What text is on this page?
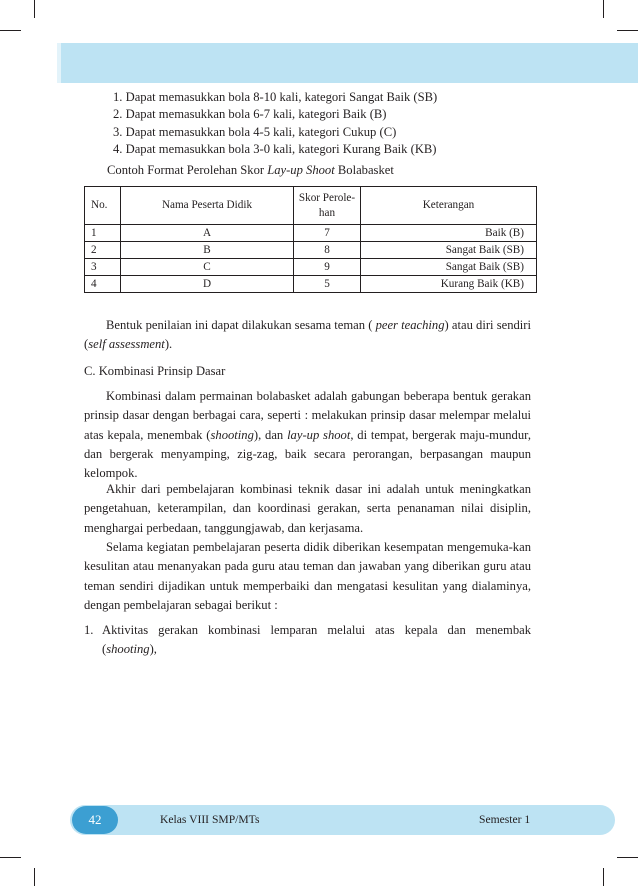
1. Dapat memasukkan bola 8-10 kali, kategori Sangat Baik (SB)
2. Dapat memasukkan bola 6-7 kali, kategori Baik (B)
3. Dapat memasukkan bola 4-5 kali, kategori Cukup (C)
4. Dapat memasukkan bola 3-0 kali, kategori Kurang Baik (KB)
Contoh Format Perolehan Skor Lay-up Shoot Bolabasket
No.	Nama Peserta Didik	Skor Perole-han	Keterangan
1	A	7	Baik (B)
2	B	8	Sangat Baik (SB)
3	C	9	Sangat Baik (SB)
4	D	5	Kurang Baik (KB)

Bentuk penilaian ini dapat dilakukan sesama teman ( peer teaching) atau diri sendiri (self assessment).

C. Kombinasi Prinsip Dasar

Kombinasi dalam permainan bolabasket adalah gabungan beberapa bentuk gerakan prinsip dasar dengan berbagai cara, seperti : melakukan prinsip dasar melempar melalui atas kepala, menembak (shooting), dan lay-up shoot, di tempat, bergerak maju-mundur, dan bergerak menyamping, zig-zag, baik secara perorangan, berpasangan maupun kelompok.

Akhir dari pembelajaran kombinasi teknik dasar ini adalah untuk meningkatkan pengetahuan, keterampilan, dan koordinasi gerakan, serta penanaman nilai disiplin, menghargai perbedaan, tanggungjawab, dan kerjasama.

Selama kegiatan pembelajaran peserta didik diberikan kesempatan mengemuka-kan kesulitan atau menanyakan pada guru atau teman dan jawaban yang diberikan guru atau teman sendiri dijadikan untuk memperbaiki dan mengatasi kesulitan yang dialaminya, dengan pembelajaran sebagai berikut :

1. Aktivitas gerakan kombinasi lemparan melalui atas kepala dan menembak (shooting),
42	Kelas VIII SMP/MTs	Semester 1
